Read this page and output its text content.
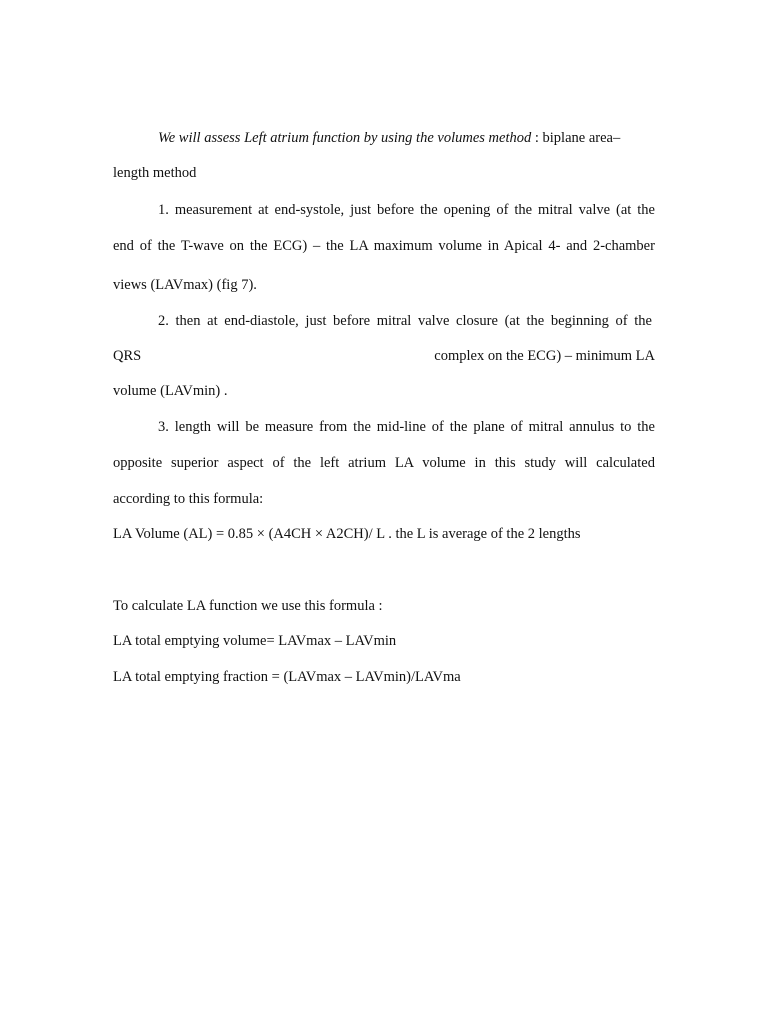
We will assess Left atrium function by using the volumes method : biplane area–
length method
1. measurement at end-systole, just before the opening of the mitral valve (at the
end of the T-wave on the ECG) – the LA maximum volume in Apical 4- and 2-chamber
views (LAVmax) (fig 7).
2. then at end-diastole, just before mitral valve closure (at the beginning of the
QRS	complex on the ECG) – minimum LA
volume (LAVmin) .
3. length will be measure from the mid-line of the plane of mitral annulus to the
opposite superior aspect of the left atrium LA volume in this study will calculated
according to this formula:
LA Volume (AL) = 0.85 × (A4CH × A2CH)/ L . the L is average of the 2 lengths
To calculate LA function we use this formula :
LA total emptying volume= LAVmax – LAVmin
LA total emptying fraction = (LAVmax – LAVmin)/LAVma
